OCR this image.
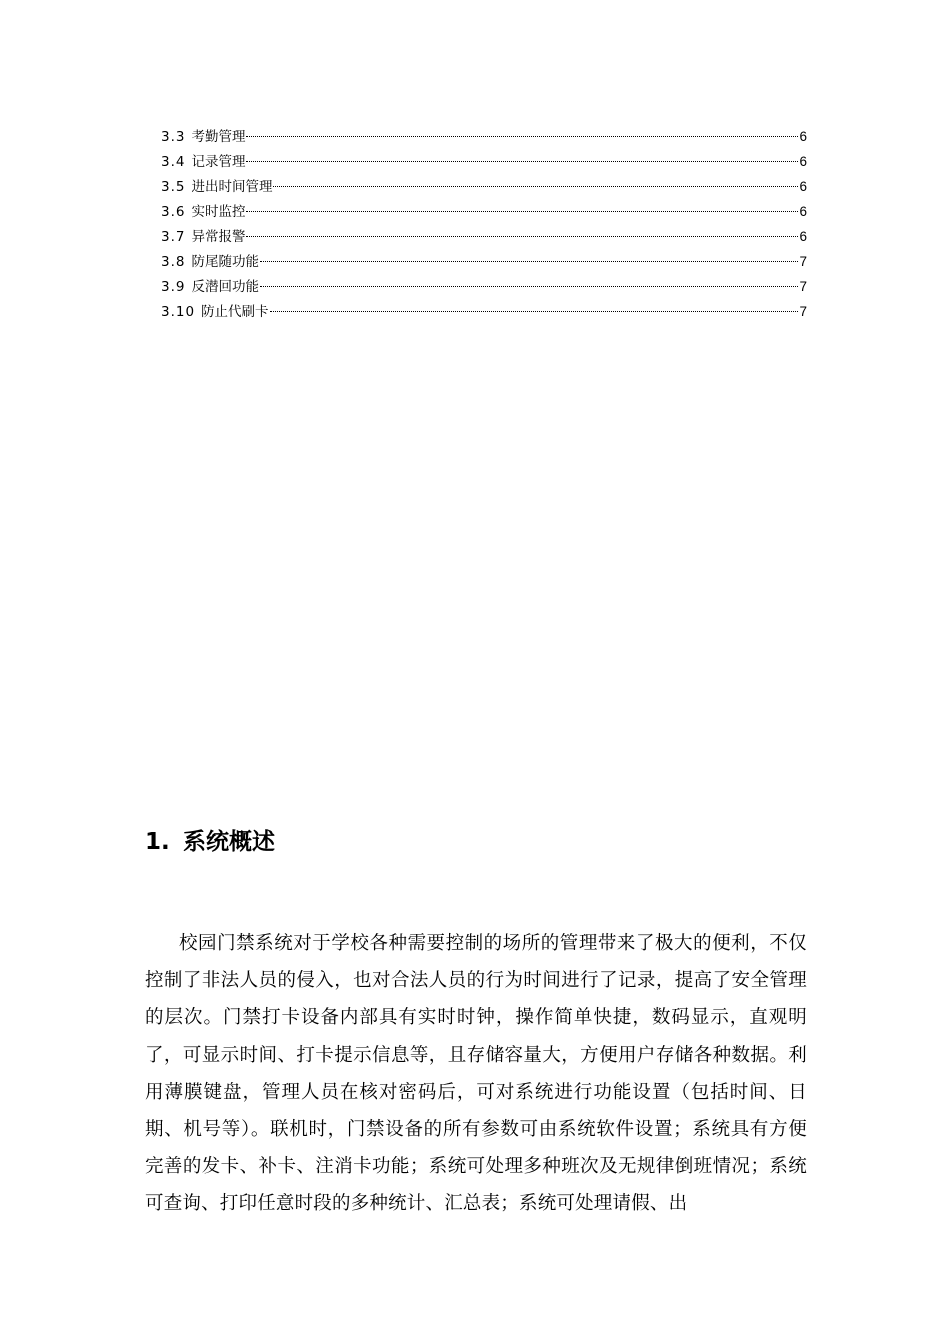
3.3 考勤管理	6
3.4 记录管理	6
3.5 进出时间管理	6
3.6 实时监控	6
3.7 异常报警	6
3.8 防尾随功能	7
3.9 反潜回功能	7
3.10 防止代刷卡	7
1. 系统概述

校园门禁系统对于学校各种需要控制的场所的管理带来了极大的便利，不仅控制了非法人员的侵入，也对合法人员的行为时间进行了记录，提高了安全管理的层次。门禁打卡设备内部具有实时时钟，操作简单快捷，数码显示，直观明了，可显示时间、打卡提示信息等，且存储容量大，方便用户存储各种数据。利用薄膜键盘，管理人员在核对密码后，可对系统进行功能设置（包括时间、日期、机号等）。联机时，门禁设备的所有参数可由系统软件设置；系统具有方便完善的发卡、补卡、注消卡功能；系统可处理多种班次及无规律倒班情况；系统可查询、打印任意时段的多种统计、汇总表；系统可处理请假、出
